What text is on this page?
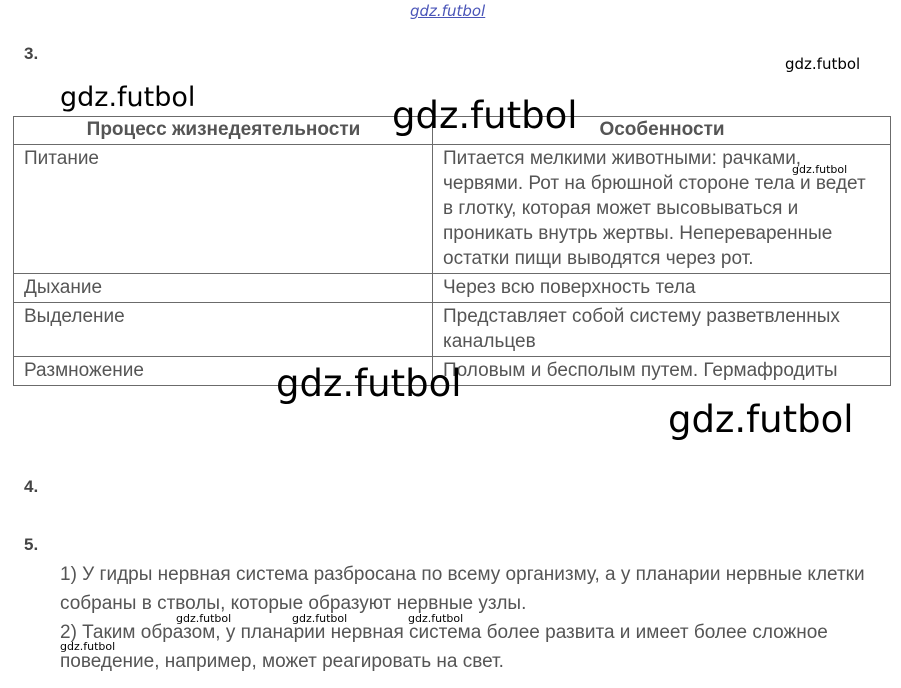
3.
Процесс жизнедеятельности	Особенности
Питание	Питается мелкими животными: рачками, червями. Рот на брюшной стороне тела и ведет в глотку, которая может высовываться и проникать внутрь жертвы. Непереваренные остатки пищи выводятся через рот.
Дыхание	Через всю поверхность тела
Выделение	Представляет собой систему разветвленных канальцев
Размножение	Половым и бесполым путем. Гермафродиты
4.
5.
1) У гидры нервная система разбросана по всему организму, а у планарии нервные клетки собраны в стволы, которые образуют нервные узлы.
2) Таким образом, у планарии нервная система более развита и имеет более сложное поведение, например, может реагировать на свет.
gdz.futbol
gdz.futbol
gdz.futbol	gdz.futbol
gdz.futbol
gdz.futbol
gdz.futbol
gdz.futbol	gdz.futbol	gdz.futbol
gdz.futbol
